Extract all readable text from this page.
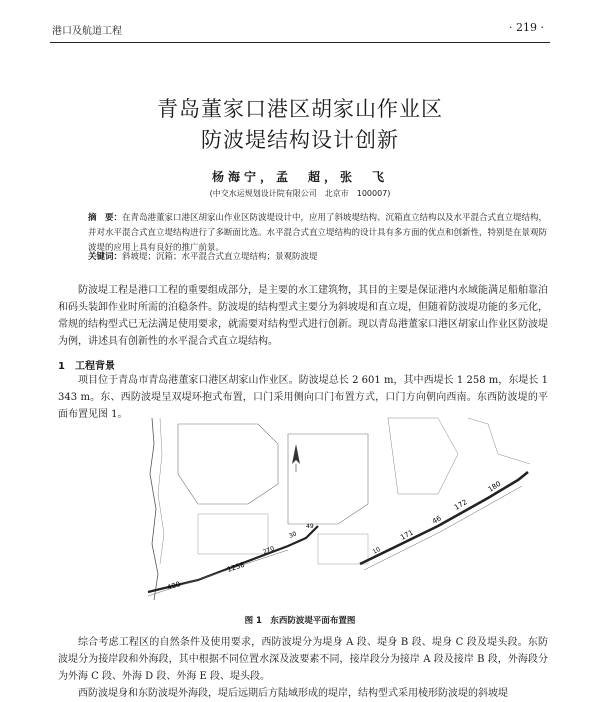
港口及航道工程	· 219 ·
青岛董家口港区胡家山作业区
防波堤结构设计创新
杨海宁，孟　超，张　飞
(中交水运规划设计院有限公司　北京市　100007)
摘　要：在青岛港董家口港区胡家山作业区防波堤设计中，应用了斜坡堤结构、沉箱直立结构以及水平混合式直立堤结构，并对水平混合式直立堤结构进行了多断面比选。水平混合式直立堤结构的设计具有多方面的优点和创新性，特别是在景观防波堤的应用上具有良好的推广前景。
关键词：斜坡堤；沉箱；水平混合式直立堤结构；景观防波堤
防波堤工程是港口工程的重要组成部分，是主要的水工建筑物，其目的主要是保证港内水域能满足船舶靠泊和码头装卸作业时所需的泊稳条件。防波堤的结构型式主要分为斜坡堤和直立堤，但随着防波堤功能的多元化，常规的结构型式已无法满足使用要求，就需要对结构型式进行创新。现以青岛港董家口港区胡家山作业区防波堤为例，讲述具有创新性的水平混合式直立堤结构。
1　工程背景
项目位于青岛市青岛港董家口港区胡家山作业区。防波堤总长 2 601 m，其中西堤长 1 258 m，东堤长 1 343 m。东、西防波堤呈双堤环抱式布置，口门采用侧向口门布置方式，口门方向朝向西南。东西防波堤的平面布置见图 1。
400
1258
270
30
49
10
171
46
172
180
图 1　东西防波堤平面布置图
综合考虑工程区的自然条件及使用要求，西防波堤分为堤身 A 段、堤身 B 段、堤身 C 段及堤头段。东防波堤分为接岸段和外海段，其中根据不同位置水深及波要素不同，接岸段分为接岸 A 段及接岸 B 段，外海段分为外海 C 段、外海 D 段、外海 E 段、堤头段。
西防波堤身和东防波堤外海段，堤后远期后方陆域形成的堤岸，结构型式采用棱形防波堤的斜坡堤
